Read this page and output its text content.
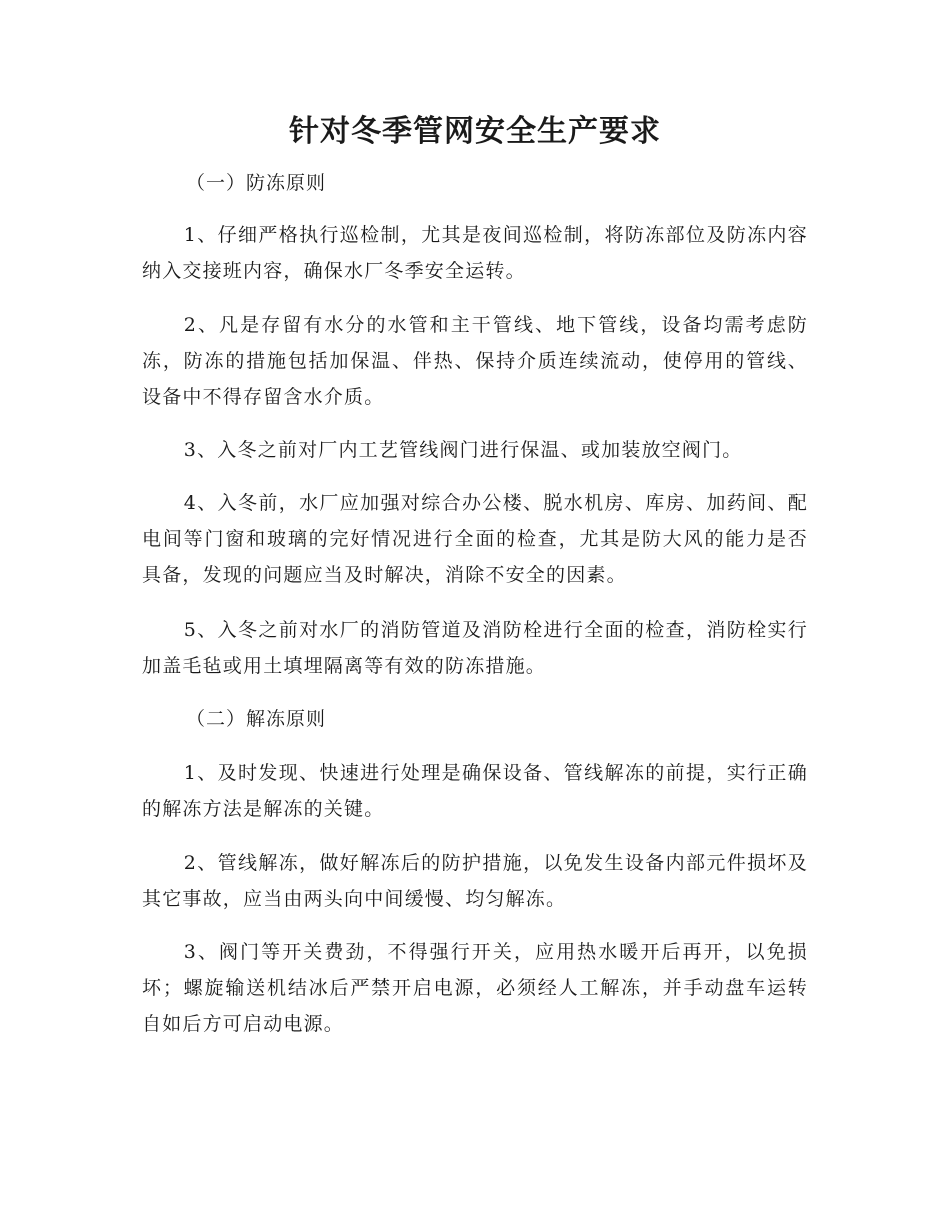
针对冬季管网安全生产要求
（一）防冻原则

1、仔细严格执行巡检制，尤其是夜间巡检制，将防冻部位及防冻内容纳入交接班内容，确保水厂冬季安全运转。

2、凡是存留有水分的水管和主干管线、地下管线，设备均需考虑防冻，防冻的措施包括加保温、伴热、保持介质连续流动，使停用的管线、设备中不得存留含水介质。

3、入冬之前对厂内工艺管线阀门进行保温、或加装放空阀门。

4、入冬前，水厂应加强对综合办公楼、脱水机房、库房、加药间、配电间等门窗和玻璃的完好情况进行全面的检查，尤其是防大风的能力是否具备，发现的问题应当及时解决，消除不安全的因素。

5、入冬之前对水厂的消防管道及消防栓进行全面的检查，消防栓实行加盖毛毡或用土填埋隔离等有效的防冻措施。

（二）解冻原则

1、及时发现、快速进行处理是确保设备、管线解冻的前提，实行正确的解冻方法是解冻的关键。

2、管线解冻，做好解冻后的防护措施，以免发生设备内部元件损坏及其它事故，应当由两头向中间缓慢、均匀解冻。

3、阀门等开关费劲，不得强行开关，应用热水暖开后再开，以免损坏；螺旋输送机结冰后严禁开启电源，必须经人工解冻，并手动盘车运转自如后方可启动电源。
